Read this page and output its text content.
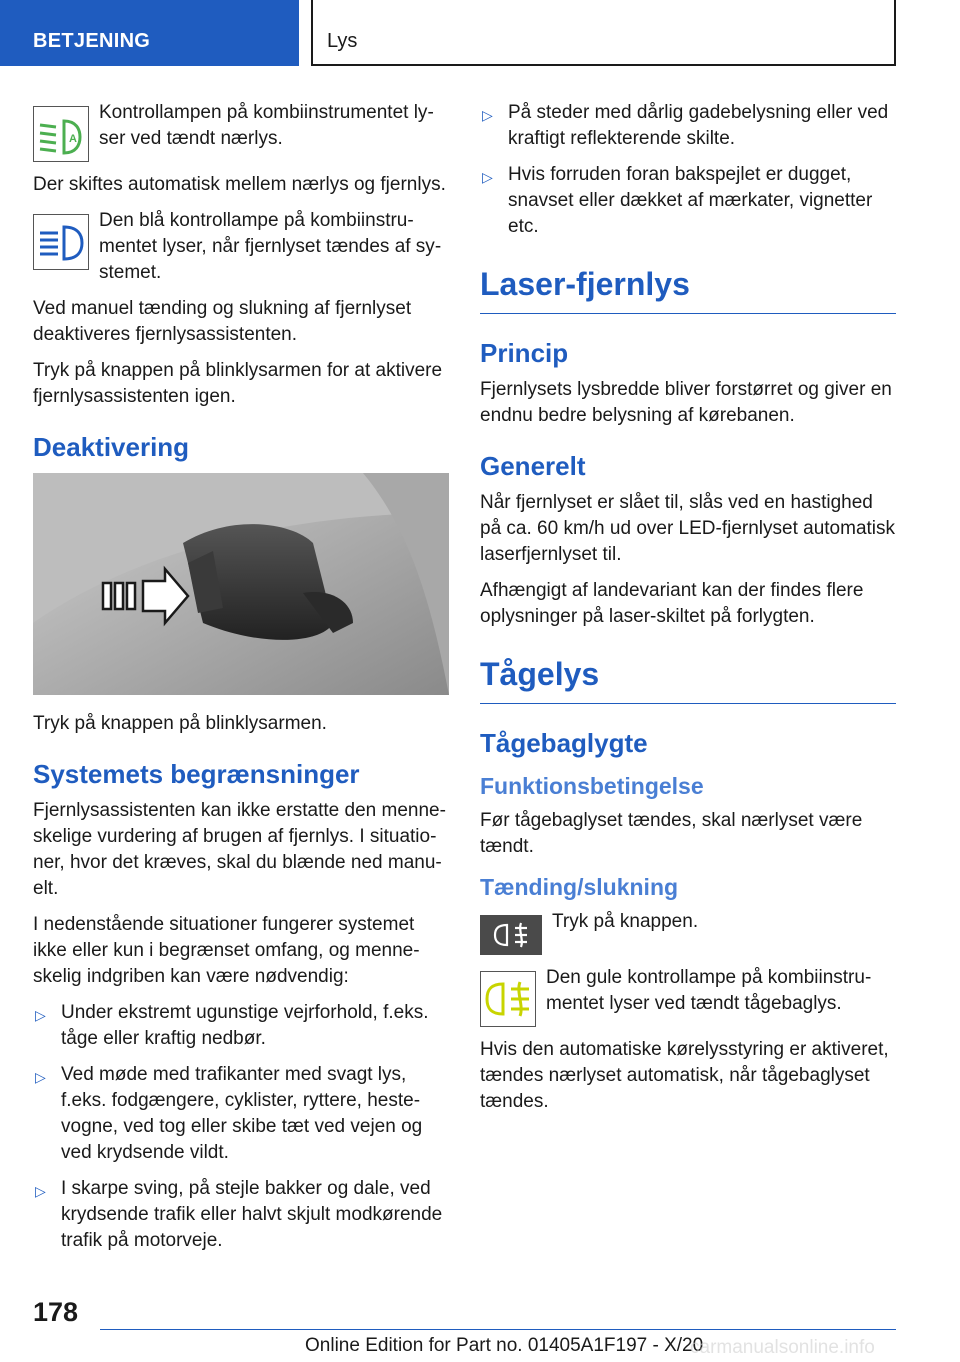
BETJENING	Lys
A

Kontrollampen på kombiinstrumentet lyser ved tændt nærlys.

Der skiftes automatisk mellem nærlys og fjernlys.

Den blå kontrollampe på kombiinstrumentet lyser, når fjernlyset tændes af systemet.

Ved manuel tænding og slukning af fjernlyset deaktiveres fjernlysassistenten.

Tryk på knappen på blinklysarmen for at aktivere fjernlysassistenten igen.

Deaktivering

Tryk på knappen på blinklysarmen.

Systemets begrænsninger

Fjernlysassistenten kan ikke erstatte den menneskelige vurdering af brugen af fjernlys. I situationer, hvor det kræves, skal du blænde ned manuelt.

I nedenstående situationer fungerer systemet ikke eller kun i begrænset omfang, og menneskelig indgriben kan være nødvendig:

▷ Under ekstremt ugunstige vejrforhold, f.eks. tåge eller kraftig nedbør.
▷ Ved møde med trafikanter med svagt lys, f.eks. fodgængere, cyklister, ryttere, hestevogne, ved tog eller skibe tæt ved vejen og ved krydsende vildt.
▷ I skarpe sving, på stejle bakker og dale, ved krydsende trafik eller halvt skjult modkørende trafik på motorveje.
▷ På steder med dårlig gadebelysning eller ved kraftigt reflekterende skilte.
▷ Hvis forruden foran bakspejlet er dugget, snavset eller dækket af mærkater, vignetter etc.
Laser-fjernlys
Princip

Fjernlysets lysbredde bliver forstørret og giver en endnu bedre belysning af kørebanen.

Generelt

Når fjernlyset er slået til, slås ved en hastighed på ca. 60 km/h ud over LED-fjernlyset automatisk laserfjernlyset til.

Afhængigt af landevariant kan der findes flere oplysninger på laser-skiltet på forlygten.

Tågelys
Tågebaglygte
Funktionsbetingelse

Før tågebaglyset tændes, skal nærlyset være tændt.

Tænding/slukning

Tryk på knappen.

Den gule kontrollampe på kombiinstrumentet lyser ved tændt tågebaglys.

Hvis den automatiske kørelysstyring er aktiveret, tændes nærlyset automatisk, når tågebaglyset tændes.

178
Online Edition for Part no. 01405A1F197 - X/20
carmanualsonline.info
